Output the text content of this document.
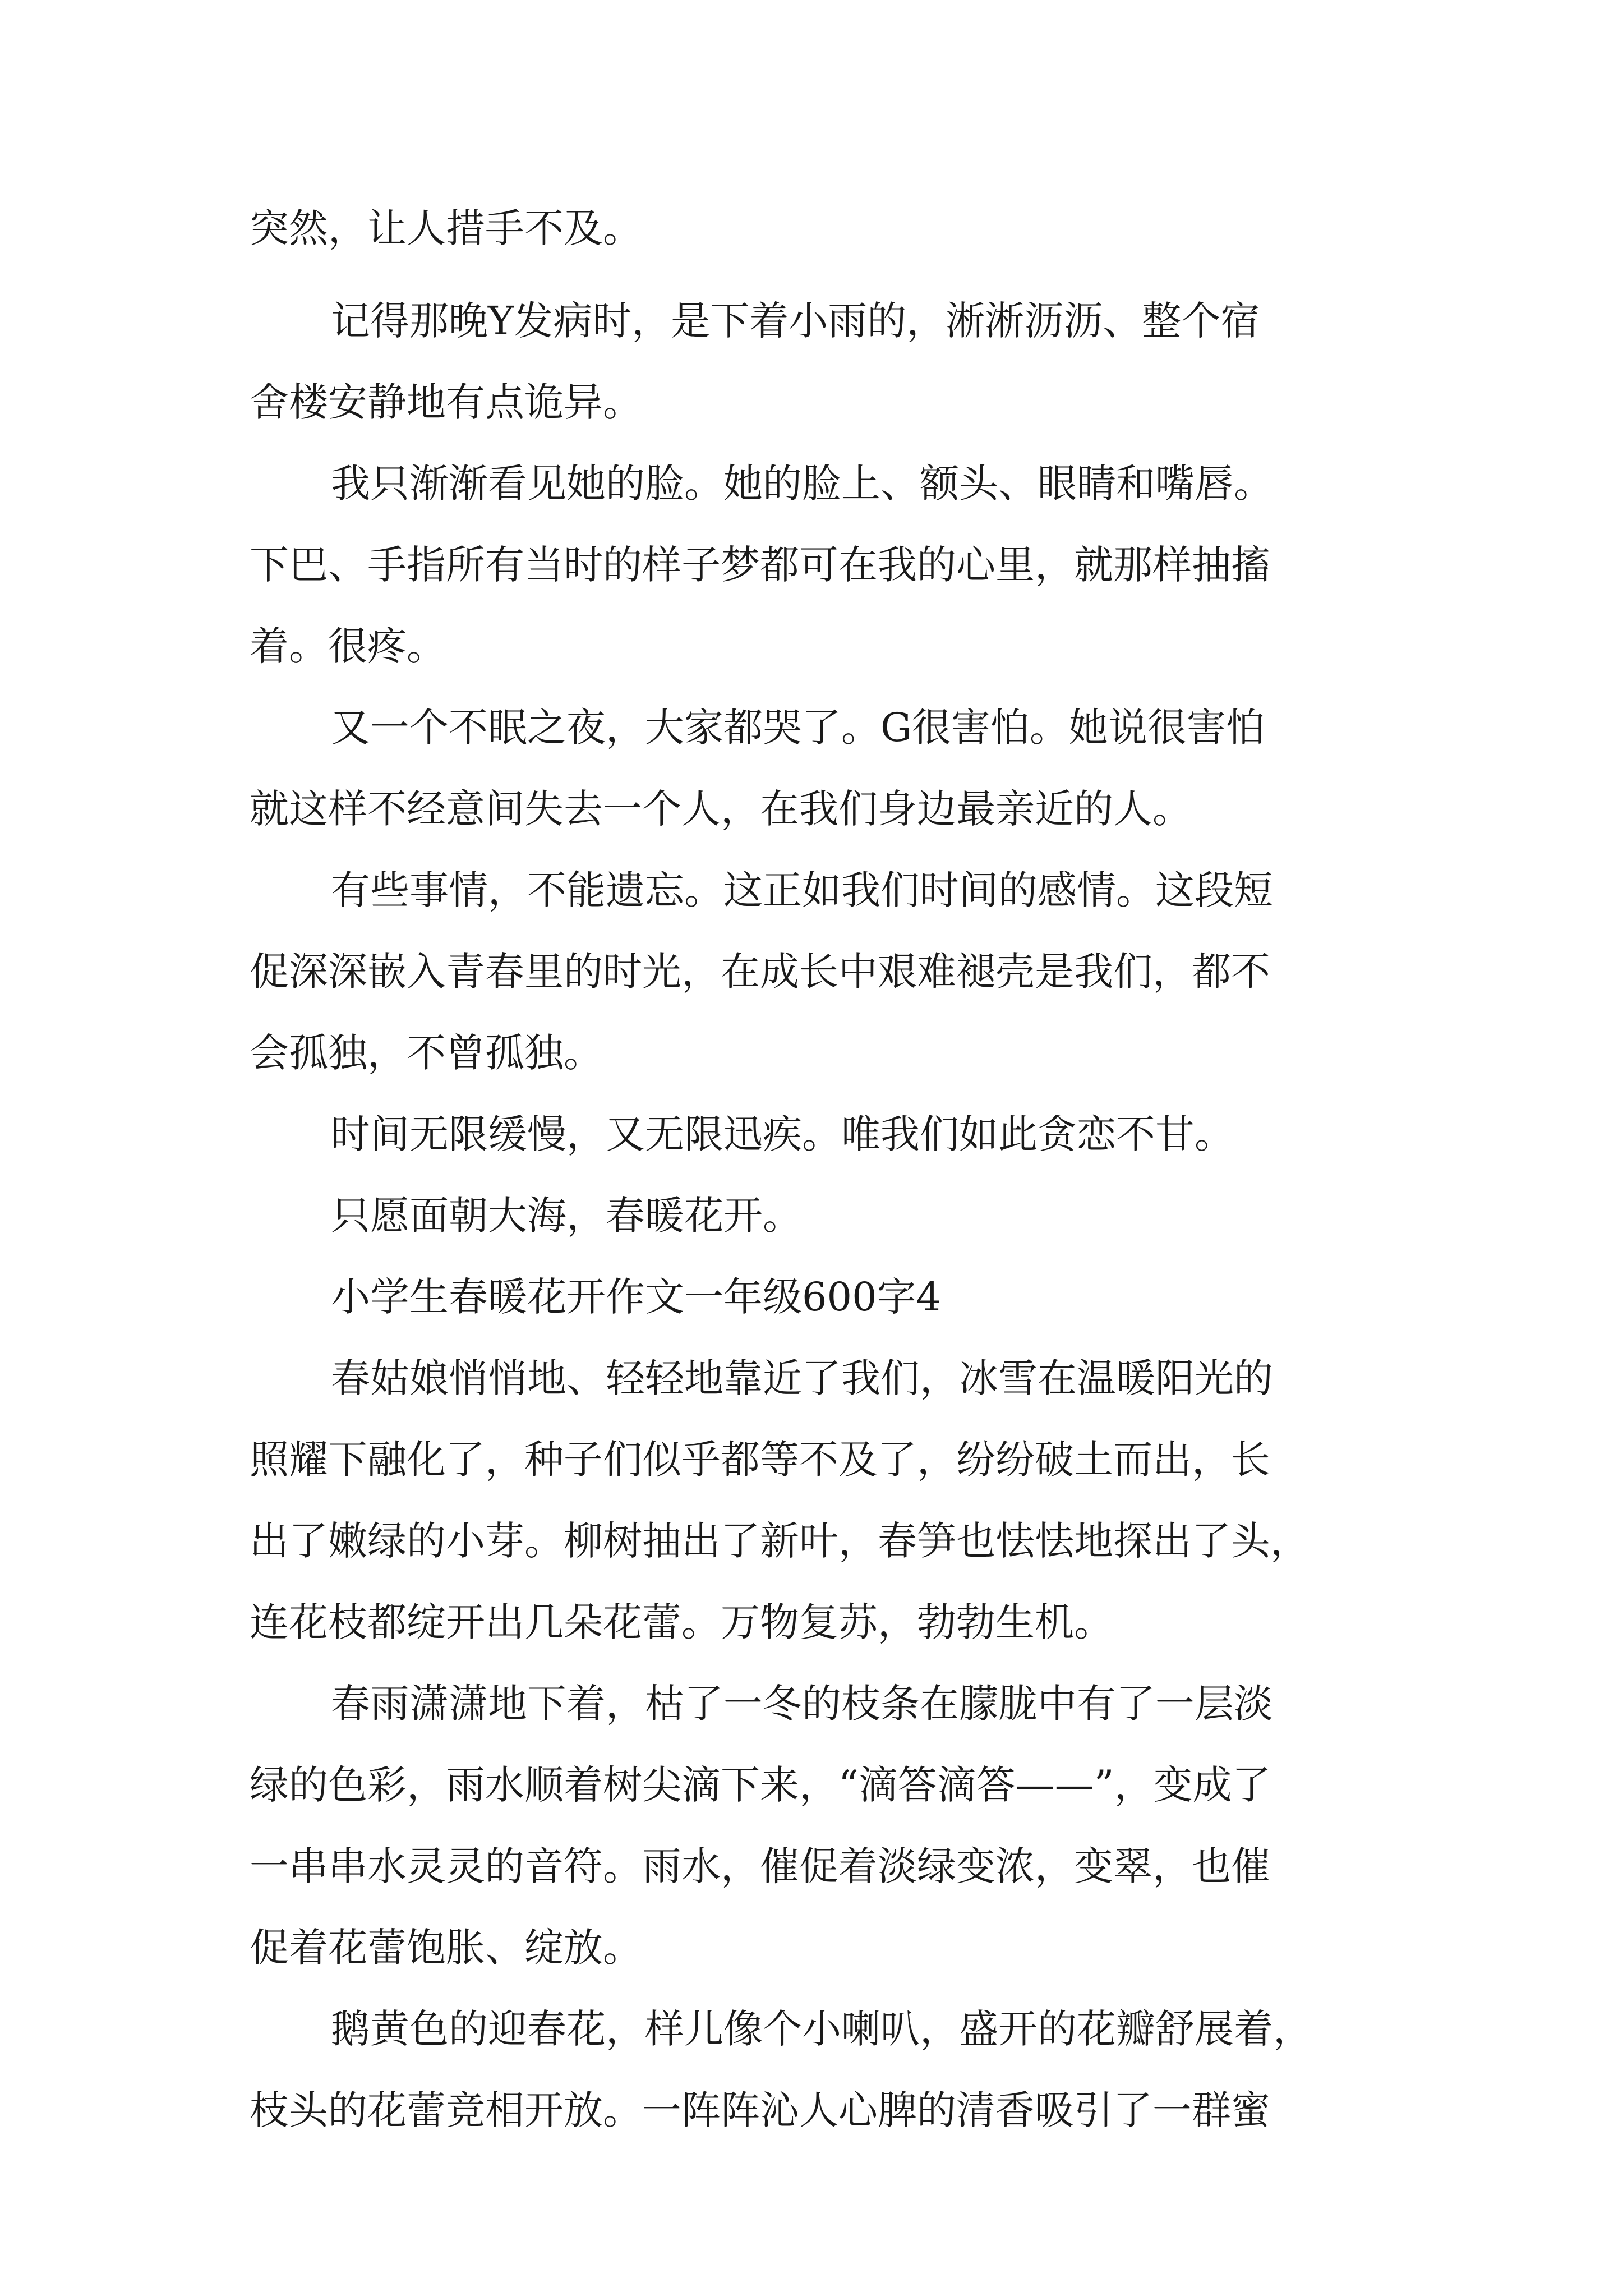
突然，让人措手不及。
记得那晚Y发病时，是下着小雨的，淅淅沥沥、整个宿
舍楼安静地有点诡异。
我只渐渐看见她的脸。她的脸上、额头、眼睛和嘴唇。
下巴、手指所有当时的样子梦都可在我的心里，就那样抽搐
着。很疼。
又一个不眠之夜，大家都哭了。G很害怕。她说很害怕
就这样不经意间失去一个人，在我们身边最亲近的人。
有些事情，不能遗忘。这正如我们时间的感情。这段短
促深深嵌入青春里的时光，在成长中艰难褪壳是我们，都不
会孤独，不曾孤独。
时间无限缓慢，又无限迅疾。唯我们如此贪恋不甘。
只愿面朝大海，春暖花开。
小学生春暖花开作文一年级600字4
春姑娘悄悄地、轻轻地靠近了我们，冰雪在温暖阳光的
照耀下融化了，种子们似乎都等不及了，纷纷破土而出，长
出了嫩绿的小芽。柳树抽出了新叶，春笋也怯怯地探出了头，
连花枝都绽开出几朵花蕾。万物复苏，勃勃生机。
春雨潇潇地下着，枯了一冬的枝条在朦胧中有了一层淡
绿的色彩，雨水顺着树尖滴下来，“滴答滴答——”，变成了
一串串水灵灵的音符。雨水，催促着淡绿变浓，变翠，也催
促着花蕾饱胀、绽放。
鹅黄色的迎春花，样儿像个小喇叭，盛开的花瓣舒展着，
枝头的花蕾竞相开放。一阵阵沁人心脾的清香吸引了一群蜜
